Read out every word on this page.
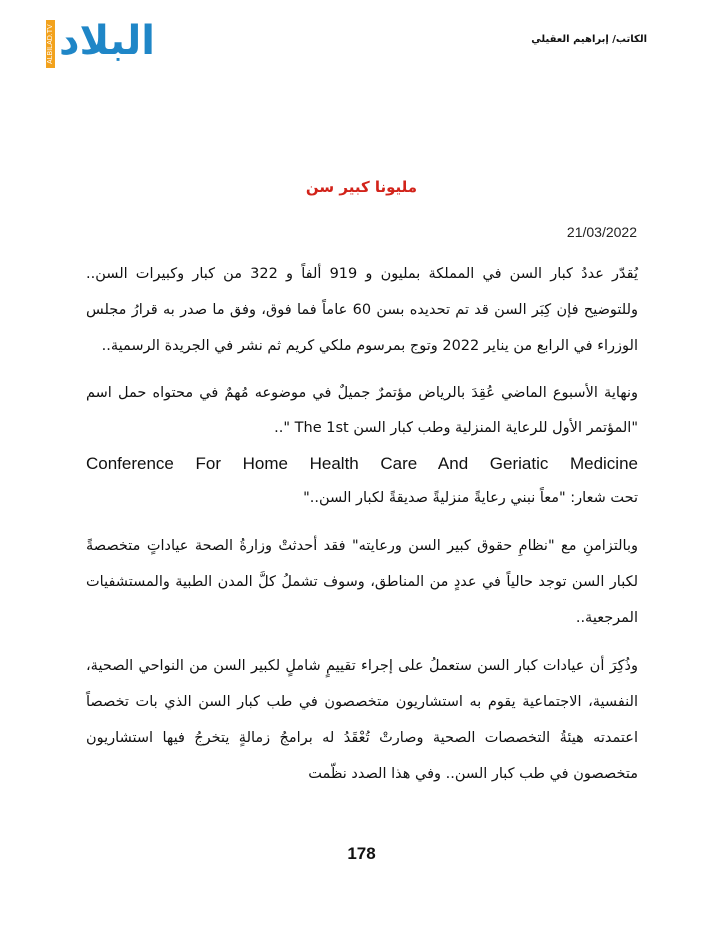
ALBILAD.TV البلاد	الكاتب/ إبراهيم العقيلي
مليونا كبير سن
21/03/2022

يُقدّر عددُ كبار السن في المملكة بمليون و 919 ألفاً و 322 من كبار وكبيرات السن.. وللتوضيح فإن كِبَر السن قد تم تحديده بسن 60 عاماً فما فوق، وفق ما صدر به قرارُ مجلس الوزراء في الرابع من يناير 2022 وتوج بمرسوم ملكي كريم ثم نشر في الجريدة الرسمية..

ونهاية الأسبوع الماضي عُقِدَ بالرياض مؤتمرٌ جميلٌ في موضوعه مُهمٌ في محتواه حمل اسم "المؤتمر الأول للرعاية المنزلية وطب كبار السن The 1st "..
Conference For Home Health Care And Geriatic Medicine
تحت شعار: "معاً نبني رعايةً منزليةً صديقةً لكبار السن.."

وبالتزامنِ مع "نظامِ حقوق كبير السن ورعايته" فقد أحدثتْ وزارةُ الصحة عياداتٍ متخصصةً لكبار السن توجد حالياً في عددٍ من المناطق، وسوف تشملُ كلَّ المدن الطبية والمستشفيات المرجعية..

وذُكِرَ أن عيادات كبار السن ستعملُ على إجراء تقييمٍ شاملٍ لكبير السن من النواحي الصحية، النفسية، الاجتماعية يقوم به استشاريون متخصصون في طب كبار السن الذي بات تخصصاً اعتمدته هيئةُ التخصصات الصحية وصارتْ تُعْقَدُ له برامجُ زمالةٍ يتخرجُ فيها استشاريون متخصصون في طب كبار السن.. وفي هذا الصدد نظّمت

178
